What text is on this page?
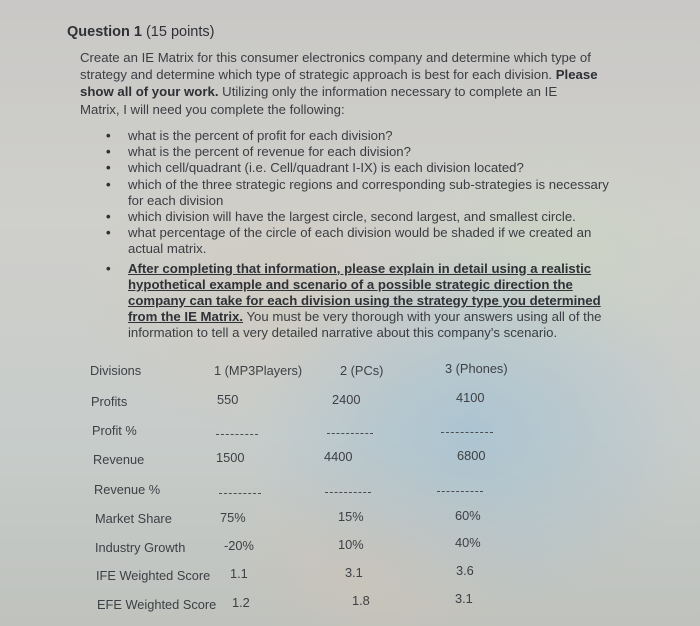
Question 1 (15 points)
Create an IE Matrix for this consumer electronics company and determine which type of strategy and determine which type of strategic approach is best for each division. Please show all of your work. Utilizing only the information necessary to complete an IE Matrix, I will need you complete the following:
• what is the percent of profit for each division?
• what is the percent of revenue for each division?
• which cell/quadrant (i.e. Cell/quadrant I-IX) is each division located?
• which of the three strategic regions and corresponding sub-strategies is necessary for each division
• which division will have the largest circle, second largest, and smallest circle.
• what percentage of the circle of each division would be shaded if we created an actual matrix.
• After completing that information, please explain in detail using a realistic hypothetical example and scenario of a possible strategic direction the company can take for each division using the strategy type you determined from the IE Matrix. You must be very thorough with your answers using all of the information to tell a very detailed narrative about this company's scenario.
Divisions	1 (MP3Players)	2 (PCs)	3 (Phones)
Profits	550	2400	4100
Profit %
Revenue	1500	4400	6800
Revenue %
Market Share	75%	15%	60%
Industry Growth	-20%	10%	40%
IFE Weighted Score 1.1	3.1	3.6
EFE Weighted Score 1.2	1.8	3.1
